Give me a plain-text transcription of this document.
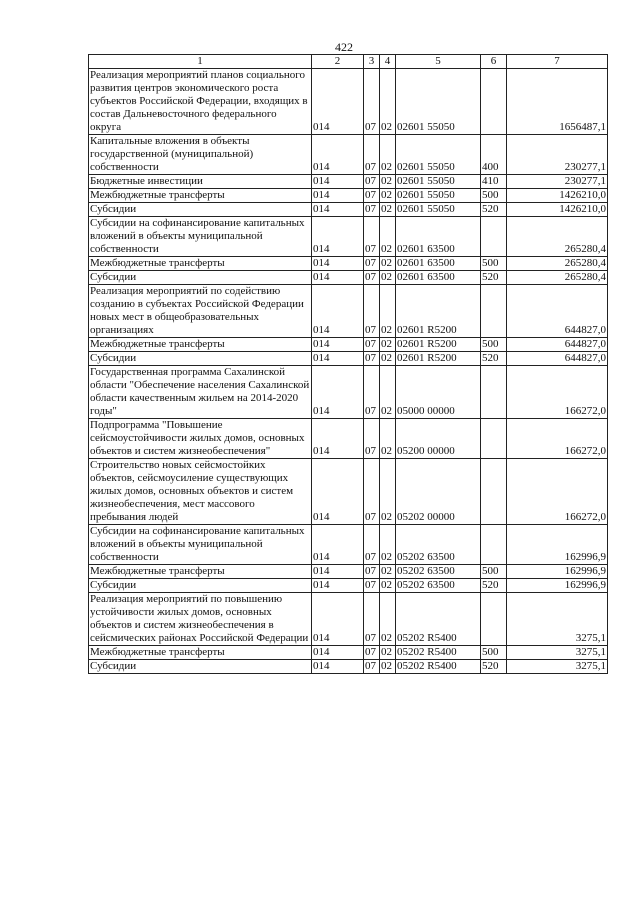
422
1	2	3	4	5	6	7
Реализация мероприятий планов социального развития центров экономического роста субъектов Российской Федерации, входящих в состав Дальневосточного федерального округа	014	07	02	02601 55050		1656487,1
Капитальные вложения в объекты государственной (муниципальной) собственности	014	07	02	02601 55050	400	230277,1
Бюджетные инвестиции	014	07	02	02601 55050	410	230277,1
Межбюджетные трансферты	014	07	02	02601 55050	500	1426210,0
Субсидии	014	07	02	02601 55050	520	1426210,0
Субсидии на софинансирование капитальных вложений в объекты муниципальной собственности	014	07	02	02601 63500		265280,4
Межбюджетные трансферты	014	07	02	02601 63500	500	265280,4
Субсидии	014	07	02	02601 63500	520	265280,4
Реализация мероприятий по содействию созданию в субъектах Российской Федерации новых мест в общеобразовательных организациях	014	07	02	02601 R5200		644827,0
Межбюджетные трансферты	014	07	02	02601 R5200	500	644827,0
Субсидии	014	07	02	02601 R5200	520	644827,0
Государственная программа Сахалинской области "Обеспечение населения Сахалинской области качественным жильем на 2014-2020 годы"	014	07	02	05000 00000		166272,0
Подпрограмма "Повышение сейсмоустойчивости жилых домов, основных объектов и систем жизнеобеспечения"	014	07	02	05200 00000		166272,0
Строительство новых сейсмостойких объектов, сейсмоусиление существующих жилых домов, основных объектов и систем жизнеобеспечения, мест массового пребывания людей	014	07	02	05202 00000		166272,0
Субсидии на софинансирование капитальных вложений в объекты муниципальной собственности	014	07	02	05202 63500		162996,9
Межбюджетные трансферты	014	07	02	05202 63500	500	162996,9
Субсидии	014	07	02	05202 63500	520	162996,9
Реализация мероприятий по повышению устойчивости жилых домов, основных объектов и систем жизнеобеспечения в сейсмических районах Российской Федерации	014	07	02	05202 R5400		3275,1
Межбюджетные трансферты	014	07	02	05202 R5400	500	3275,1
Субсидии	014	07	02	05202 R5400	520	3275,1
